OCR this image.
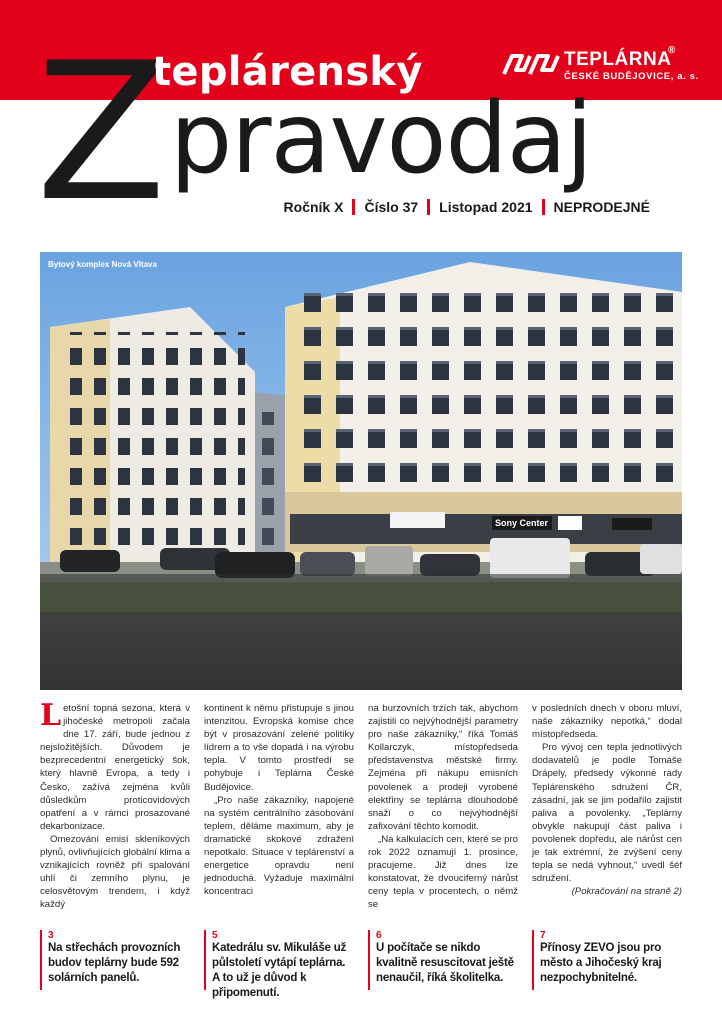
teplárenský
Z pravodaj
TEPLÁRNA
®
ČESKÉ BUDĚJOVICE, a. s.
Ročník X Číslo 37 Listopad 2021 NEPRODEJNÉ
Sony Center
Bytový komplex Nová Vltava

Letošní topná sezona, která v jihočeské metropoli začala dne 17. září, bude jednou z nejsložitějších. Důvodem je bezprecedentní energetický šok, který hlavně Evropa, a tedy i Česko, zažívá zejména kvůli důsledkům proticovidových opatření a v rámci prosazované dekarbonizace.

Omezování emisí skleníkových plynů, ovlivňujících globální klima a vznikajících rovněž při spalování uhlí či zemního plynu, je celosvětovým trendem, i když každý

kontinent k němu přistupuje s jinou intenzitou. Evropská komise chce být v prosazování zelené politiky lídrem a to vše dopadá i na výrobu tepla. V tomto prostředí se pohybuje i Teplárna České Budějovice.

„Pro naše zákazníky, napojené na systém centrálního zásobování teplem, děláme maximum, aby je dramatické skokové zdražení nepotkalo. Situace v teplárenství a energetice opravdu není jednoduchá. Vyžaduje maximální koncentraci

na burzovních trzích tak, abychom zajistili co nejvýhodnější parametry pro naše zákazníky,“ říká Tomáš Kollarczyk, místopředseda představenstva městské firmy. Zejména při nákupu emisních povolenek a prodeji vyrobené elektřiny se teplárna dlouhodobě snaží o co nejvýhodnější zafixování těchto komodit.

„Na kalkulacích cen, které se pro rok 2022 oznamují 1. prosince, pracujeme. Již dnes lze konstatovat, že dvouciferný nárůst ceny tepla v procentech, o němž se

v posledních dnech v oboru mluví, naše zákazníky nepotká,“ dodal místopředseda.

Pro vývoj cen tepla jednotlivých dodavatelů je podle Tomáše Drápely, předsedy výkonné rady Teplárenského sdružení ČR, zásadní, jak se jim podařilo zajistit paliva a povolenky. „Teplárny obvykle nakupují část paliva i povolenek dopředu, ale nárůst cen je tak extrémní, že zvýšení ceny tepla se nedá vyhnout,“ uvedl šéf sdružení.

(Pokračování na straně 2)

3
Na střechách provozních budov teplárny bude 592 solárních panelů.
5
Katedrálu sv. Mikuláše už půlstoletí vytápí teplárna. A to už je důvod k připomenutí.
6
U počítače se nikdo kvalitně resuscitovat ještě nenaučil, říká školitelka.
7
Přínosy ZEVO jsou pro město a Jihočeský kraj nezpochybnitelné.
